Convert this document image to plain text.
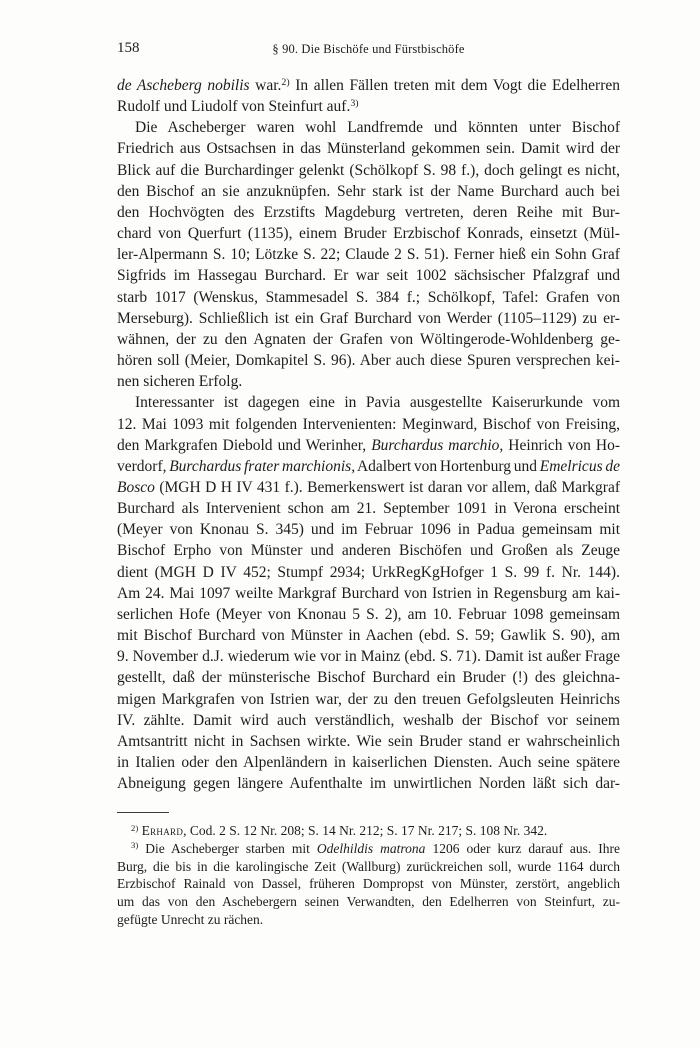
158	§ 90. Die Bischöfe und Fürstbischöfe
de Ascheberg nobilis war.$^{2)}$ In allen Fällen treten mit dem Vogt die Edelherren
Rudolf und Liudolf von Steinfurt auf.$^{3)}$
Die Ascheberger waren wohl Landfremde und könnten unter Bischof
Friedrich aus Ostsachsen in das Münsterland gekommen sein. Damit wird der
Blick auf die Burchardinger gelenkt (Schölkopf S. 98 f.), doch gelingt es nicht,
den Bischof an sie anzuknüpfen. Sehr stark ist der Name Burchard auch bei
den Hochvögten des Erzstifts Magdeburg vertreten, deren Reihe mit Bur-
chard von Querfurt (1135), einem Bruder Erzbischof Konrads, einsetzt (Mül-
ler-Alpermann S. 10; Lötzke S. 22; Claude 2 S. 51). Ferner hieß ein Sohn Graf
Sigfrids im Hassegau Burchard. Er war seit 1002 sächsischer Pfalzgraf und
starb 1017 (Wenskus, Stammesadel S. 384 f.; Schölkopf, Tafel: Grafen von
Merseburg). Schließlich ist ein Graf Burchard von Werder (1105–1129) zu er-
wähnen, der zu den Agnaten der Grafen von Wöltingerode-Wohldenberg ge-
hören soll (Meier, Domkapitel S. 96). Aber auch diese Spuren versprechen kei-
nen sicheren Erfolg.
Interessanter ist dagegen eine in Pavia ausgestellte Kaiserurkunde vom
12. Mai 1093 mit folgenden Intervenienten: Meginward, Bischof von Freising,
den Markgrafen Diebold und Werinher, Burchardus marchio, Heinrich von Ho-
verdorf, Burchardus frater marchionis, Adalbert von Hortenburg und Emelricus de
Bosco (MGH D H IV 431 f.). Bemerkenswert ist daran vor allem, daß Markgraf
Burchard als Intervenient schon am 21. September 1091 in Verona erscheint
(Meyer von Knonau S. 345) und im Februar 1096 in Padua gemeinsam mit
Bischof Erpho von Münster und anderen Bischöfen und Großen als Zeuge
dient (MGH D IV 452; Stumpf 2934; UrkRegKgHofger 1 S. 99 f. Nr. 144).
Am 24. Mai 1097 weilte Markgraf Burchard von Istrien in Regensburg am kai-
serlichen Hofe (Meyer von Knonau 5 S. 2), am 10. Februar 1098 gemeinsam
mit Bischof Burchard von Münster in Aachen (ebd. S. 59; Gawlik S. 90), am
9. November d.J. wiederum wie vor in Mainz (ebd. S. 71). Damit ist außer Frage
gestellt, daß der münsterische Bischof Burchard ein Bruder (!) des gleichna-
migen Markgrafen von Istrien war, der zu den treuen Gefolgsleuten Heinrichs
IV. zählte. Damit wird auch verständlich, weshalb der Bischof vor seinem
Amtsantritt nicht in Sachsen wirkte. Wie sein Bruder stand er wahrscheinlich
in Italien oder den Alpenländern in kaiserlichen Diensten. Auch seine spätere
Abneigung gegen längere Aufenthalte im unwirtlichen Norden läßt sich dar-
$^{2)}$ Erhard, Cod. 2 S. 12 Nr. 208; S. 14 Nr. 212; S. 17 Nr. 217; S. 108 Nr. 342.
$^{3)}$ Die Ascheberger starben mit Odelhildis matrona 1206 oder kurz darauf aus. Ihre
Burg, die bis in die karolingische Zeit (Wallburg) zurückreichen soll, wurde 1164 durch
Erzbischof Rainald von Dassel, früheren Dompropst von Münster, zerstört, angeblich
um das von den Aschebergern seinen Verwandten, den Edelherren von Steinfurt, zu-
gefügte Unrecht zu rächen.
